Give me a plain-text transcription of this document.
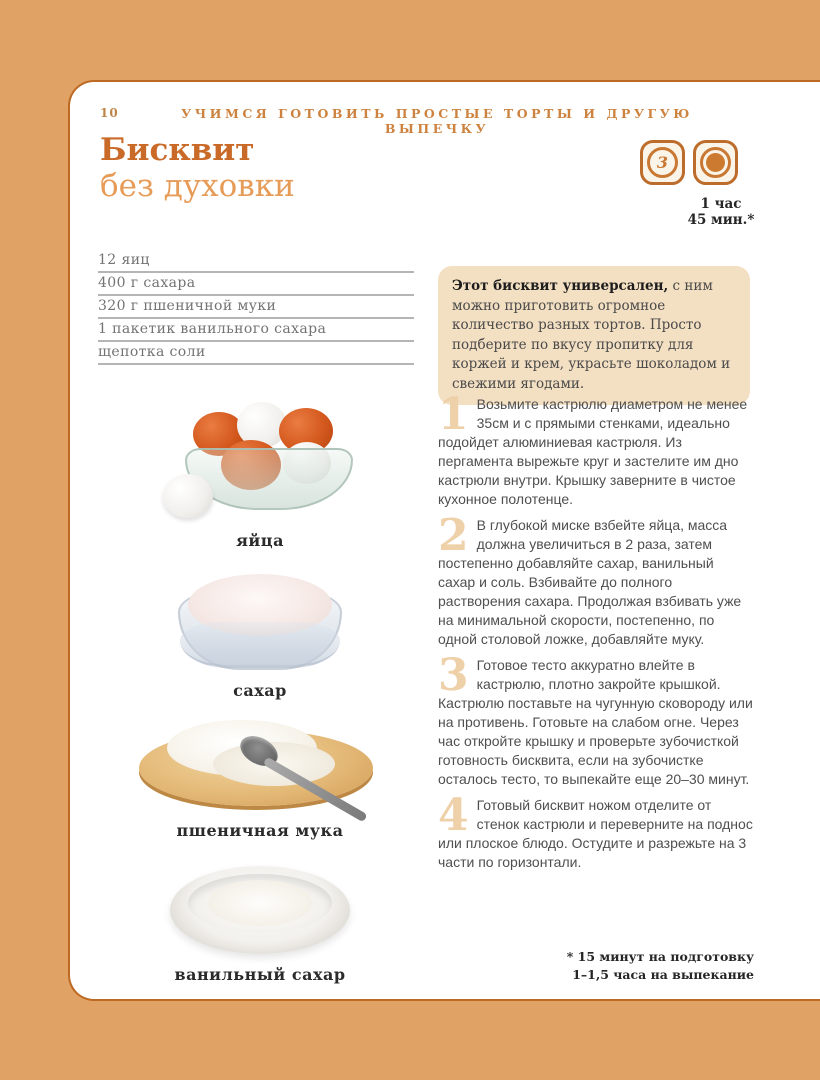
10	УЧИМСЯ ГОТОВИТЬ ПРОСТЫЕ ТОРТЫ И ДРУГУЮ ВЫПЕЧКУ
Бисквит
без духовки
3
1 час
45 мин.*
12 яиц
400 г сахара
320 г пшеничной муки
1 пакетик ванильного сахара
щепотка соли
Этот бисквит универсален, с ним можно приготовить огромное количество разных тортов. Просто подберите по вкусу пропитку для коржей и крем, украсьте шоколадом и свежими ягодами.
яйца
сахар
пшеничная мука
ванильный сахар
1 Возьмите кастрюлю диаметром не менее 35см и с прямыми стенками, идеально подойдет алюминиевая кастрюля. Из пергамента вырежьте круг и застелите им дно кастрюли внутри. Крышку заверните в чистое кухонное полотенце.
2 В глубокой миске взбейте яйца, масса должна увеличиться в 2 раза, затем постепенно добавляйте сахар, ванильный сахар и соль. Взбивайте до полного растворения сахара. Продолжая взбивать уже на минимальной скорости, постепенно, по одной столовой ложке, добавляйте муку.
3 Готовое тесто аккуратно влейте в кастрюлю, плотно закройте крышкой. Кастрюлю поставьте на чугунную сковороду или на противень. Готовьте на слабом огне. Через час откройте крышку и проверьте зубочисткой готовность бисквита, если на зубочистке осталось тесто, то выпекайте еще 20–30 минут.
4 Готовый бисквит ножом отделите от стенок кастрюли и переверните на поднос или плоское блюдо. Остудите и разрежьте на 3 части по горизонтали.
* 15 минут на подготовку
1–1,5 часа на выпекание
